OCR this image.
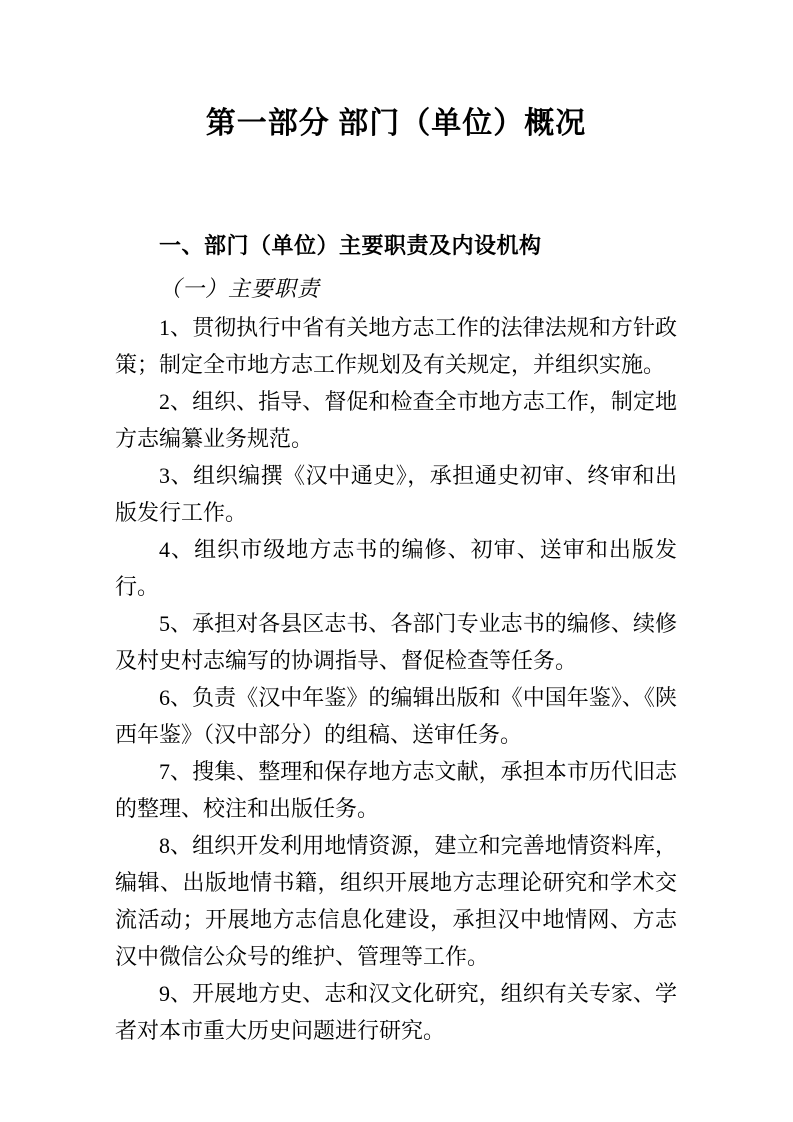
第一部分 部门（单位）概况
一、部门（单位）主要职责及内设机构
（一）主要职责

1、贯彻执行中省有关地方志工作的法律法规和方针政策；制定全市地方志工作规划及有关规定，并组织实施。

2、组织、指导、督促和检查全市地方志工作，制定地方志编纂业务规范。

3、组织编撰《汉中通史》，承担通史初审、终审和出版发行工作。

4、组织市级地方志书的编修、初审、送审和出版发行。

5、承担对各县区志书、各部门专业志书的编修、续修及村史村志编写的协调指导、督促检查等任务。

6、负责《汉中年鉴》的编辑出版和《中国年鉴》、《陕西年鉴》（汉中部分）的组稿、送审任务。

7、搜集、整理和保存地方志文献，承担本市历代旧志的整理、校注和出版任务。

8、组织开发利用地情资源，建立和完善地情资料库，编辑、出版地情书籍，组织开展地方志理论研究和学术交流活动；开展地方志信息化建设，承担汉中地情网、方志汉中微信公众号的维护、管理等工作。

9、开展地方史、志和汉文化研究，组织有关专家、学者对本市重大历史问题进行研究。
